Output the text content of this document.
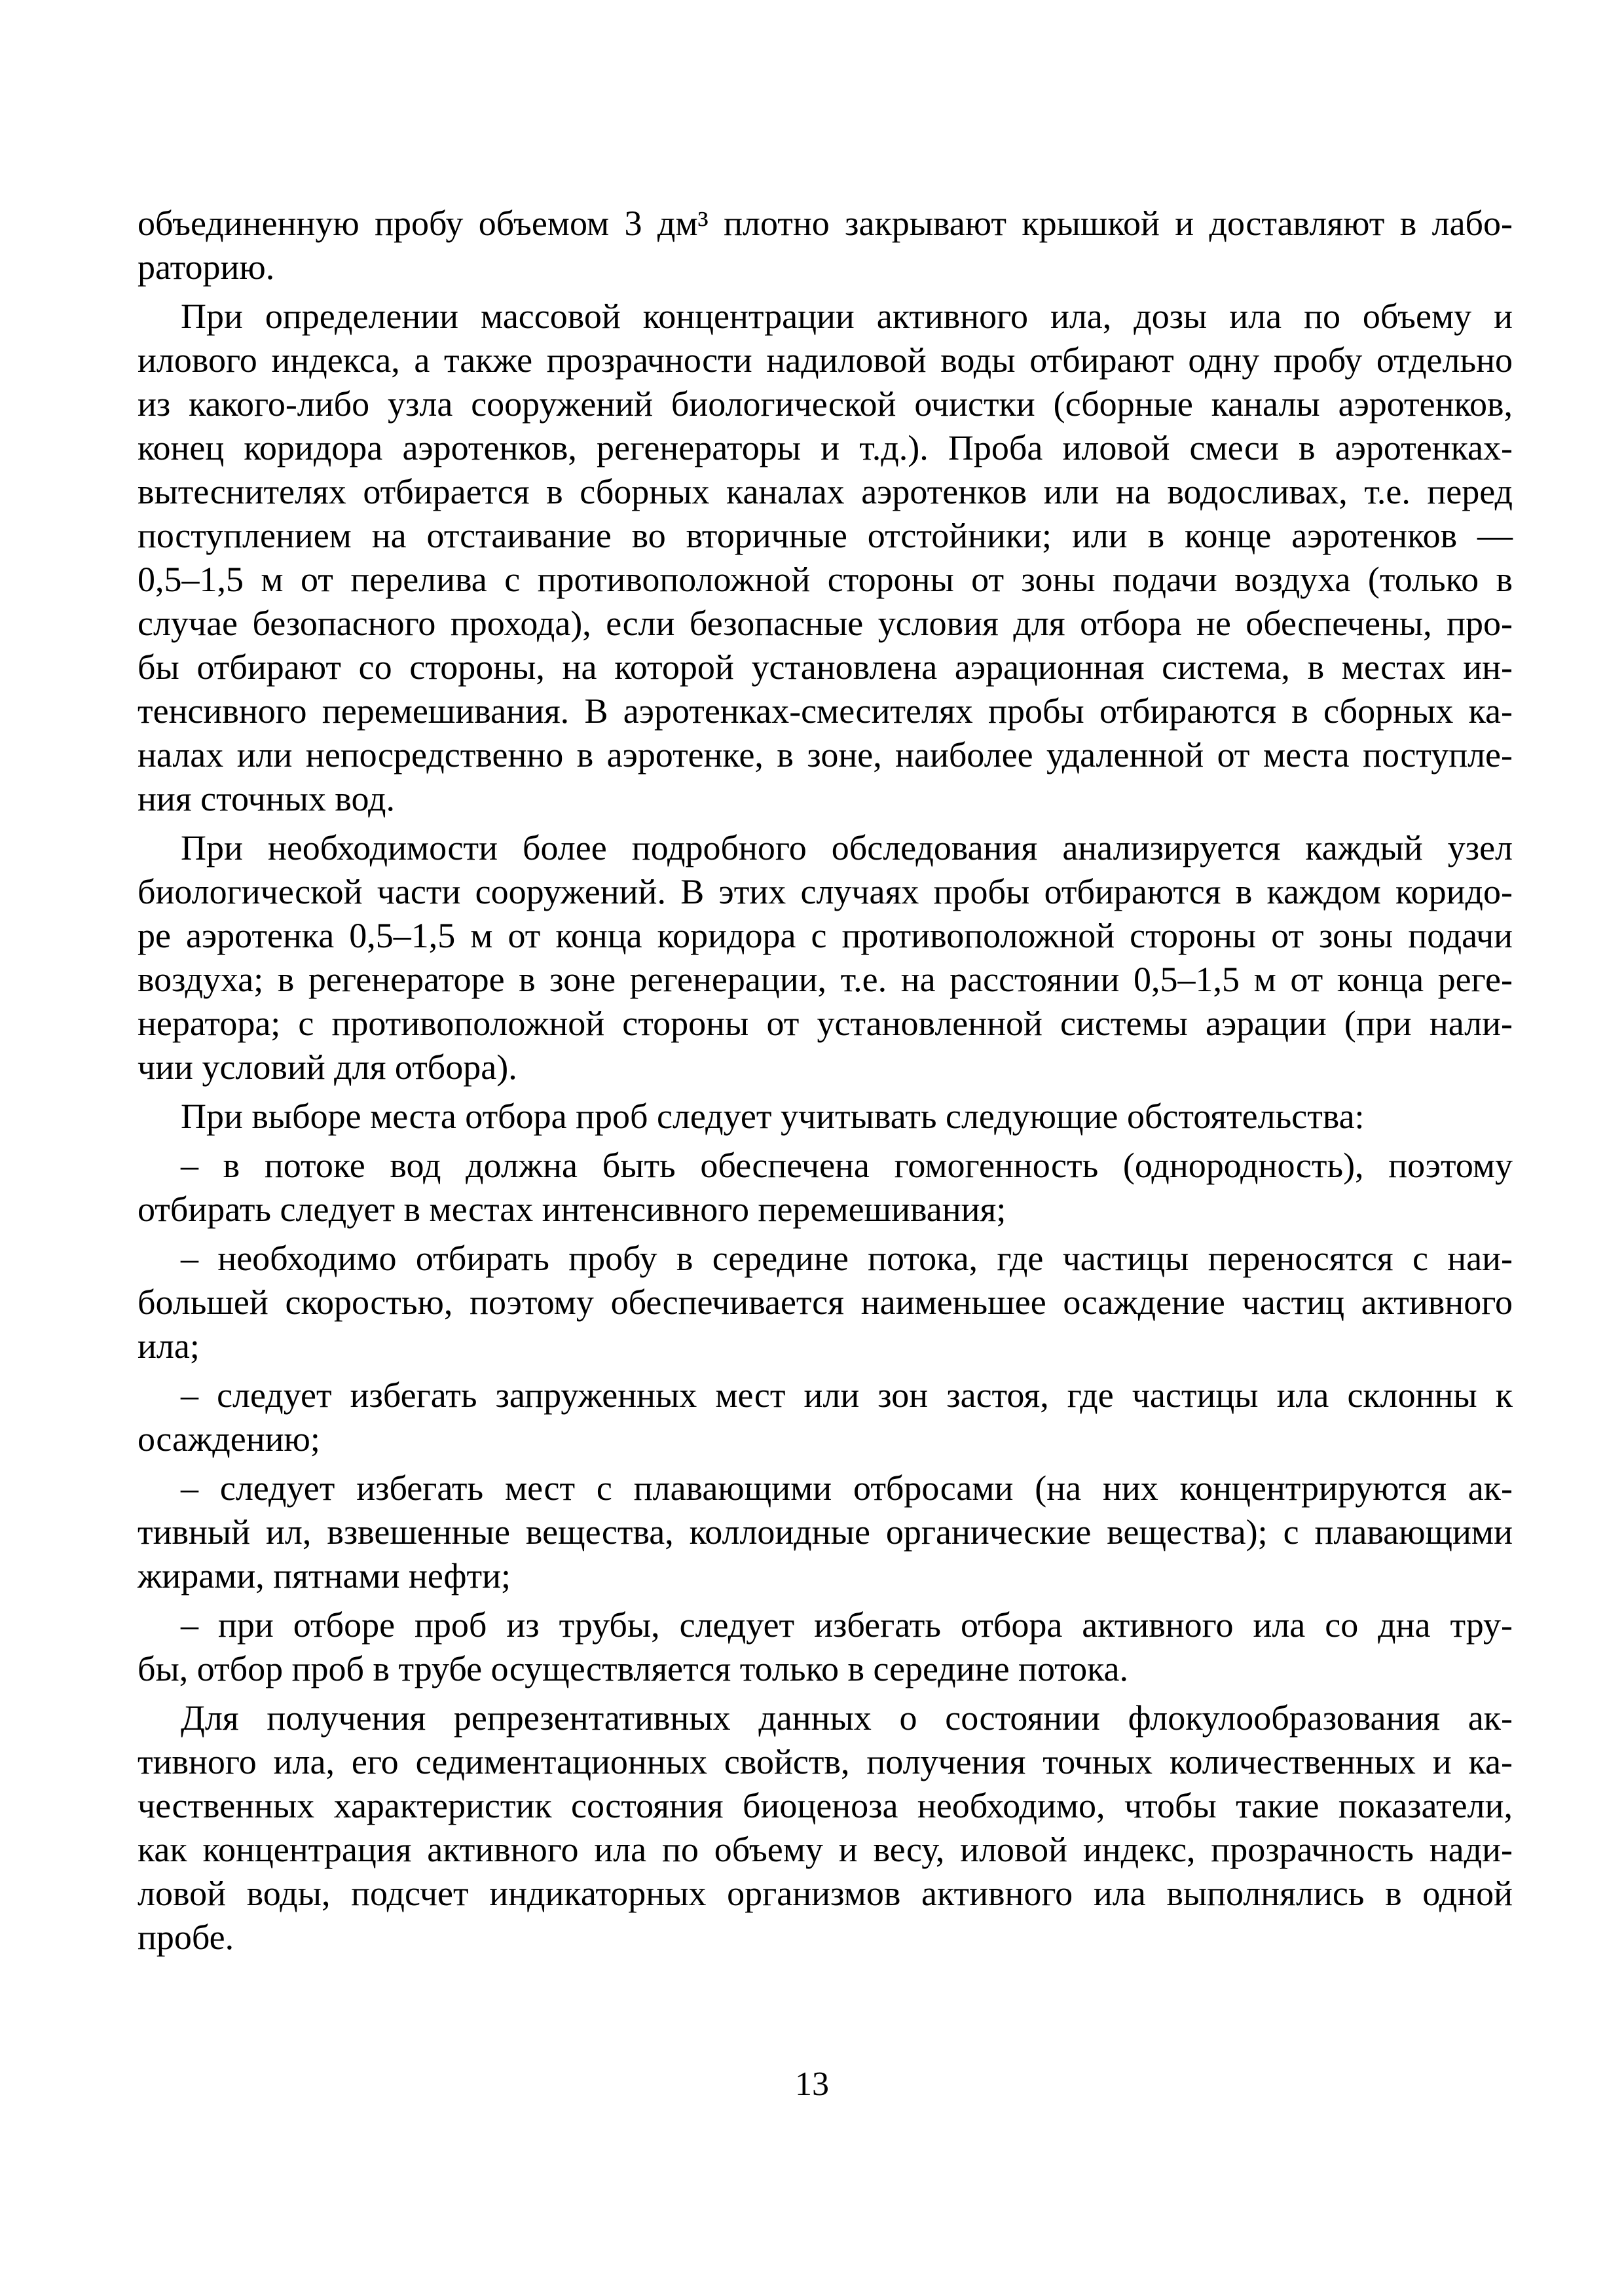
объединенную пробу объемом 3 дм³ плотно закрывают крышкой и доставляют в лабо-
раторию.
При определении массовой концентрации активного ила, дозы ила по объему и
илового индекса, а также прозрачности надиловой воды отбирают одну пробу отдельно
из какого-либо узла сооружений биологической очистки (сборные каналы аэротенков,
конец коридора аэротенков, регенераторы и т.д.). Проба иловой смеси в аэротенках-
вытеснителях отбирается в сборных каналах аэротенков или на водосливах, т.е. перед
поступлением на отстаивание во вторичные отстойники; или в конце аэротенков —
0,5–1,5 м от перелива с противоположной стороны от зоны подачи воздуха (только в
случае безопасного прохода), если безопасные условия для отбора не обеспечены, про-
бы отбирают со стороны, на которой установлена аэрационная система, в местах ин-
тенсивного перемешивания. В аэротенках-смесителях пробы отбираются в сборных ка-
налах или непосредственно в аэротенке, в зоне, наиболее удаленной от места поступле-
ния сточных вод.
При необходимости более подробного обследования анализируется каждый узел
биологической части сооружений. В этих случаях пробы отбираются в каждом коридо-
ре аэротенка 0,5–1,5 м от конца коридора с противоположной стороны от зоны подачи
воздуха; в регенераторе в зоне регенерации, т.е. на расстоянии 0,5–1,5 м от конца реге-
нератора; с противоположной стороны от установленной системы аэрации (при нали-
чии условий для отбора).
При выборе места отбора проб следует учитывать следующие обстоятельства:
– в потоке вод должна быть обеспечена гомогенность (однородность), поэтому
отбирать следует в местах интенсивного перемешивания;
– необходимо отбирать пробу в середине потока, где частицы переносятся с наи-
большей скоростью, поэтому обеспечивается наименьшее осаждение частиц активного
ила;
– следует избегать запруженных мест или зон застоя, где частицы ила склонны к
осаждению;
– следует избегать мест с плавающими отбросами (на них концентрируются ак-
тивный ил, взвешенные вещества, коллоидные органические вещества); с плавающими
жирами, пятнами нефти;
– при отборе проб из трубы, следует избегать отбора активного ила со дна тру-
бы, отбор проб в трубе осуществляется только в середине потока.
Для получения репрезентативных данных о состоянии флокулообразования ак-
тивного ила, его седиментационных свойств, получения точных количественных и ка-
чественных характеристик состояния биоценоза необходимо, чтобы такие показатели,
как концентрация активного ила по объему и весу, иловой индекс, прозрачность нади-
ловой воды, подсчет индикаторных организмов активного ила выполнялись в одной
пробе.
13
